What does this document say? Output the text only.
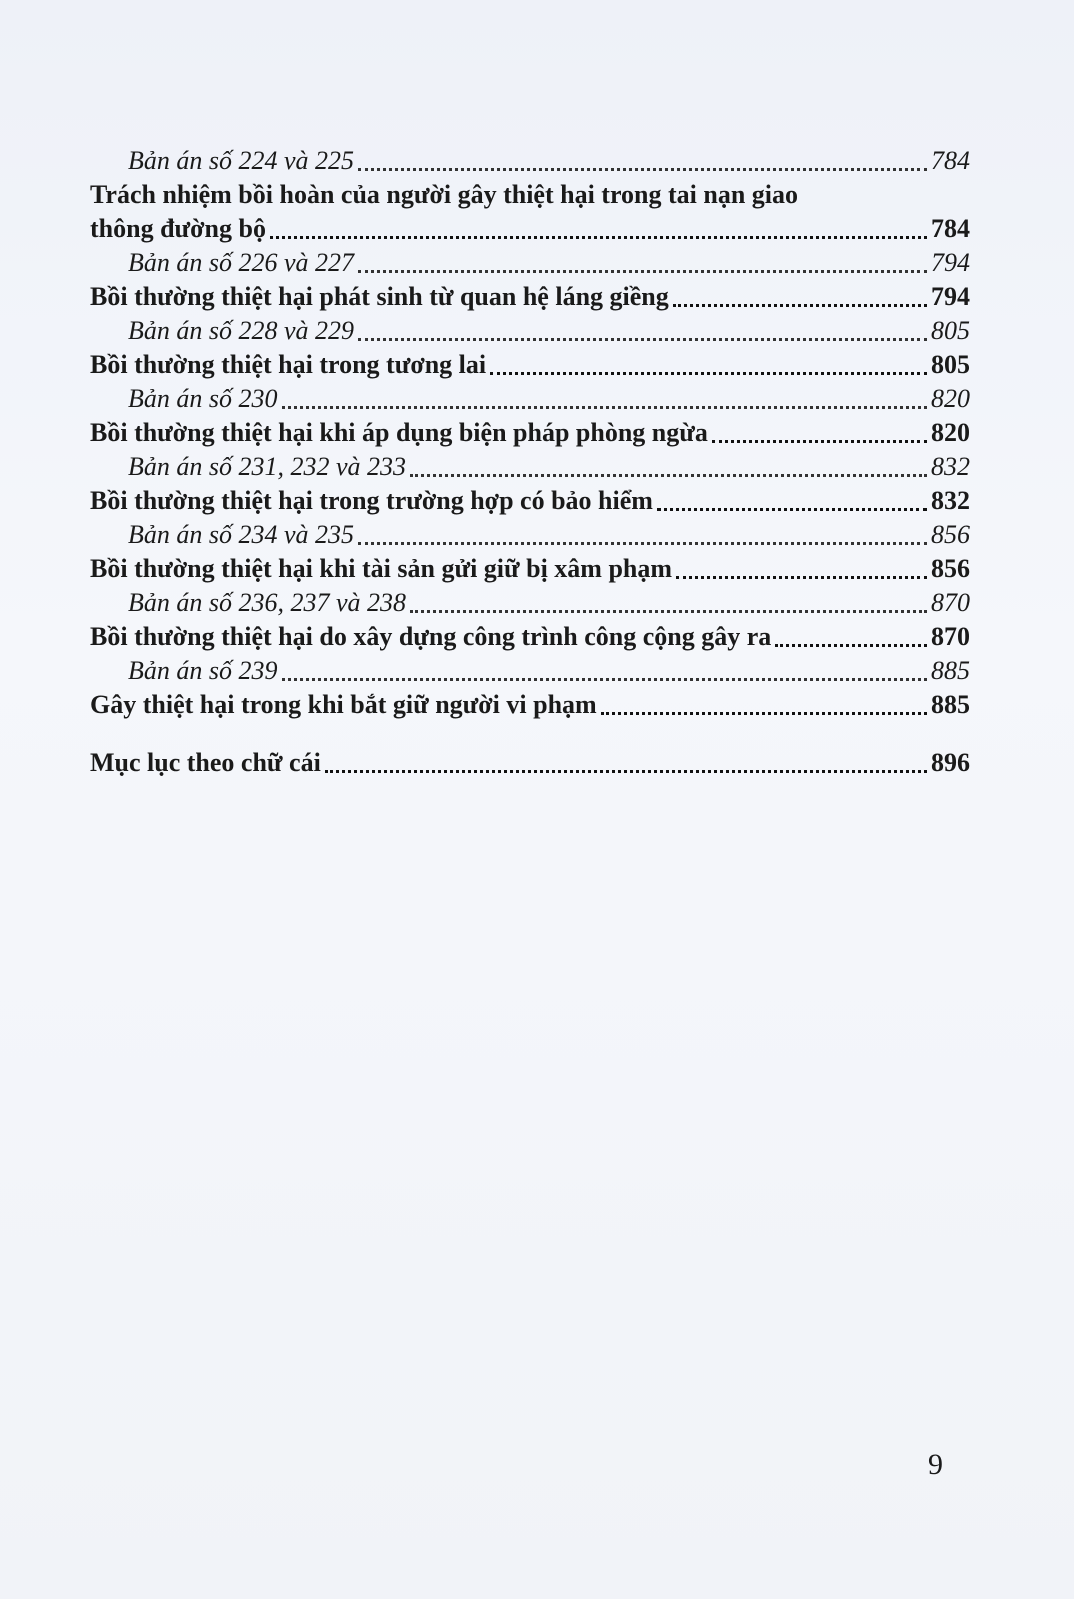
Bản án số 224 và 225	784
Trách nhiệm bồi hoàn của người gây thiệt hại trong tai nạn giao
thông đường bộ	784
Bản án số 226 và 227	794
Bồi thường thiệt hại phát sinh từ quan hệ láng giềng	794
Bản án số 228 và 229	805
Bồi thường thiệt hại trong tương lai	805
Bản án số 230	820
Bồi thường thiệt hại khi áp dụng biện pháp phòng ngừa	820
Bản án số 231, 232 và 233	832
Bồi thường thiệt hại trong trường hợp có bảo hiểm	832
Bản án số 234 và 235	856
Bồi thường thiệt hại khi tài sản gửi giữ bị xâm phạm	856
Bản án số 236, 237 và 238	870
Bồi thường thiệt hại do xây dựng công trình công cộng gây ra	870
Bản án số 239	885
Gây thiệt hại trong khi bắt giữ người vi phạm	885
Mục lục theo chữ cái	896
9
